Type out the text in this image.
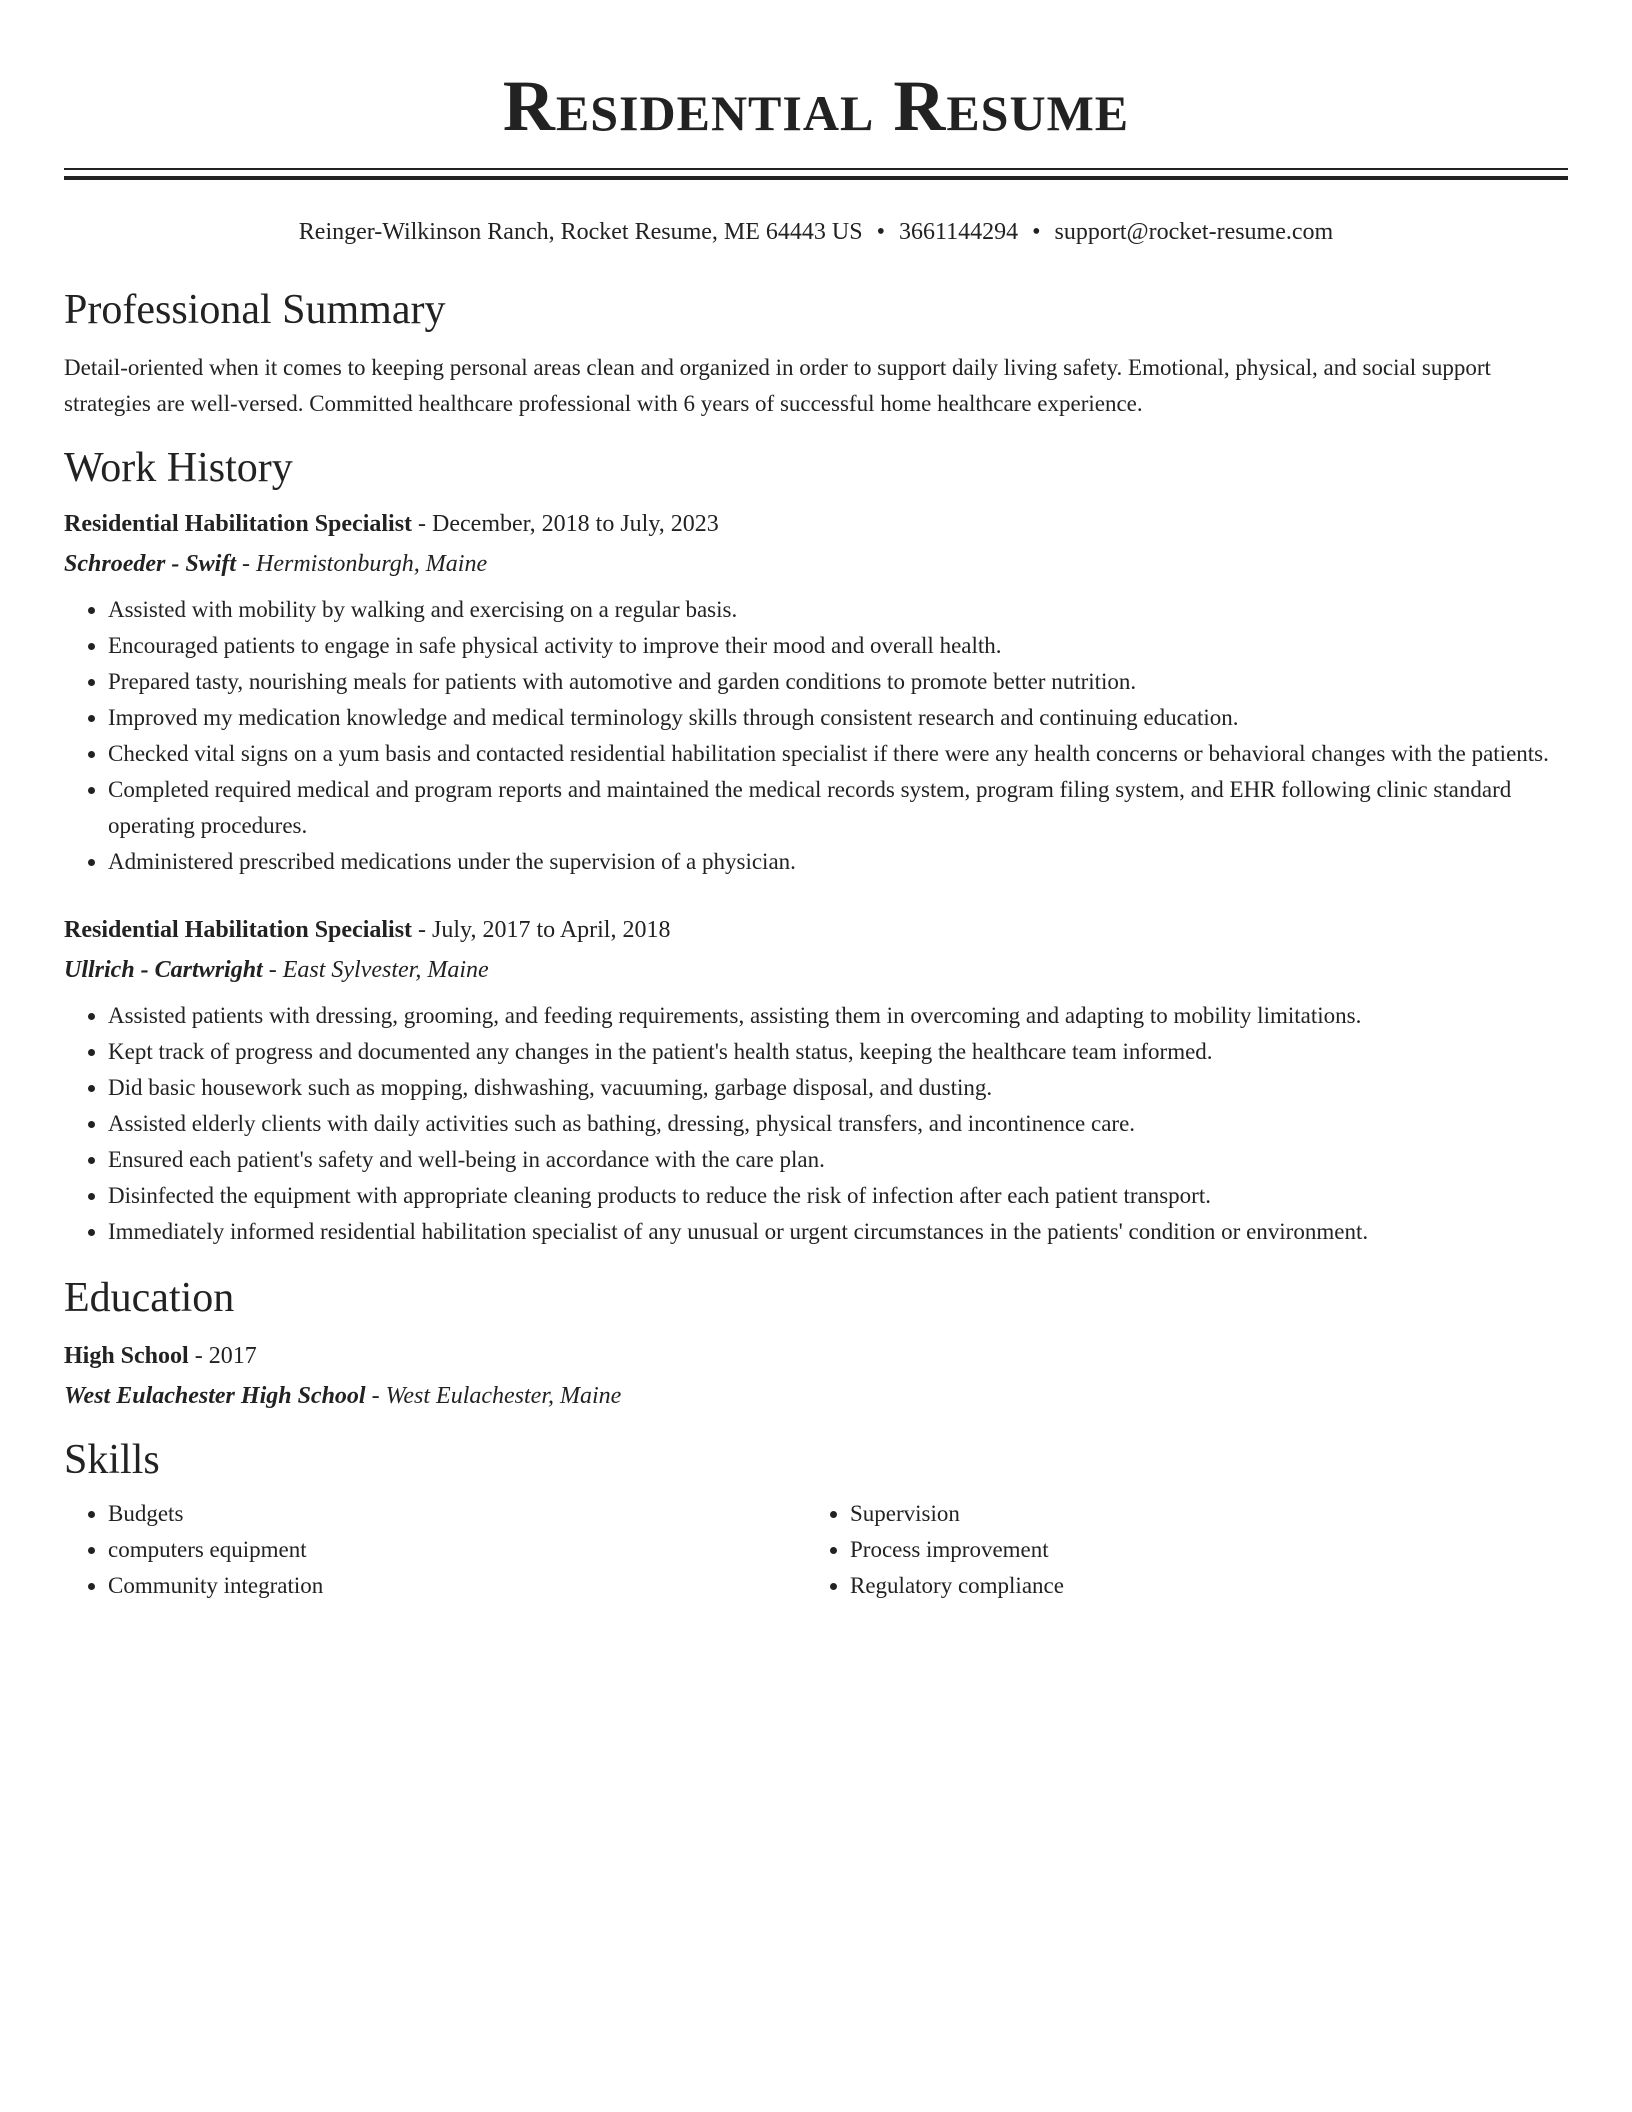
Residential Resume
Reinger-Wilkinson Ranch, Rocket Resume, ME 64443 US • 3661144294 • support@rocket-resume.com
Professional Summary
Detail-oriented when it comes to keeping personal areas clean and organized in order to support daily living safety. Emotional, physical, and social support strategies are well-versed. Committed healthcare professional with 6 years of successful home healthcare experience.
Work History
Residential Habilitation Specialist - December, 2018 to July, 2023
Schroeder - Swift - Hermistonburgh, Maine
• Assisted with mobility by walking and exercising on a regular basis.
• Encouraged patients to engage in safe physical activity to improve their mood and overall health.
• Prepared tasty, nourishing meals for patients with automotive and garden conditions to promote better nutrition.
• Improved my medication knowledge and medical terminology skills through consistent research and continuing education.
• Checked vital signs on a yum basis and contacted residential habilitation specialist if there were any health concerns or behavioral changes with the patients.
• Completed required medical and program reports and maintained the medical records system, program filing system, and EHR following clinic standard operating procedures.
• Administered prescribed medications under the supervision of a physician.
Residential Habilitation Specialist - July, 2017 to April, 2018
Ullrich - Cartwright - East Sylvester, Maine
• Assisted patients with dressing, grooming, and feeding requirements, assisting them in overcoming and adapting to mobility limitations.
• Kept track of progress and documented any changes in the patient's health status, keeping the healthcare team informed.
• Did basic housework such as mopping, dishwashing, vacuuming, garbage disposal, and dusting.
• Assisted elderly clients with daily activities such as bathing, dressing, physical transfers, and incontinence care.
• Ensured each patient's safety and well-being in accordance with the care plan.
• Disinfected the equipment with appropriate cleaning products to reduce the risk of infection after each patient transport.
• Immediately informed residential habilitation specialist of any unusual or urgent circumstances in the patients' condition or environment.
Education
High School - 2017
West Eulachester High School - West Eulachester, Maine
Skills
• Budgets
• computers equipment
• Community integration
• Supervision
• Process improvement
• Regulatory compliance
